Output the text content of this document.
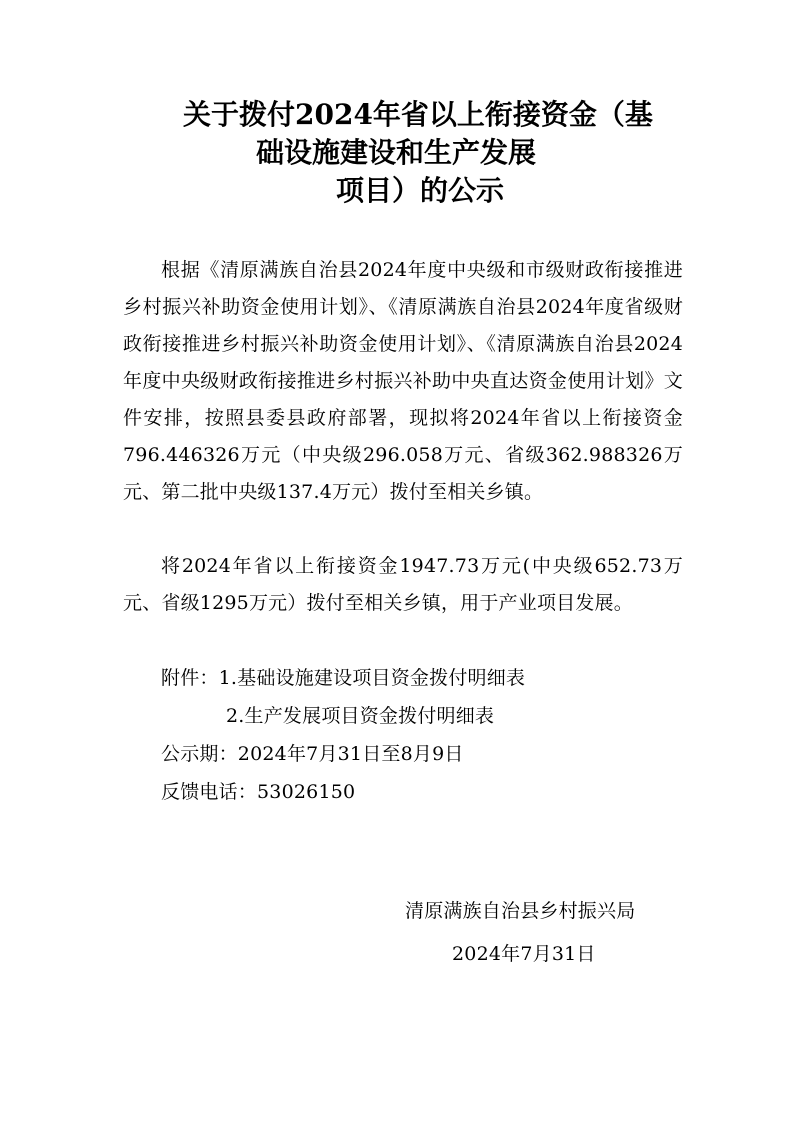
关于拨付2024年省以上衔接资金（基
础设施建设和生产发展
项目）的公示

根据《清原满族自治县2024年度中央级和市级财政衔接推进乡村振兴补助资金使用计划》、《清原满族自治县2024年度省级财政衔接推进乡村振兴补助资金使用计划》、《清原满族自治县2024年度中央级财政衔接推进乡村振兴补助中央直达资金使用计划》文件安排，按照县委县政府部署，现拟将2024年省以上衔接资金796.446326万元（中央级296.058万元、省级362.988326万元、第二批中央级137.4万元）拨付至相关乡镇。

将2024年省以上衔接资金1947.73万元(中央级652.73万元、省级1295万元）拨付至相关乡镇，用于产业项目发展。

附件：1.基础设施建设项目资金拨付明细表
2.生产发展项目资金拨付明细表
公示期：2024年7月31日至8月9日
反馈电话：53026150
清原满族自治县乡村振兴局
2024年7月31日
